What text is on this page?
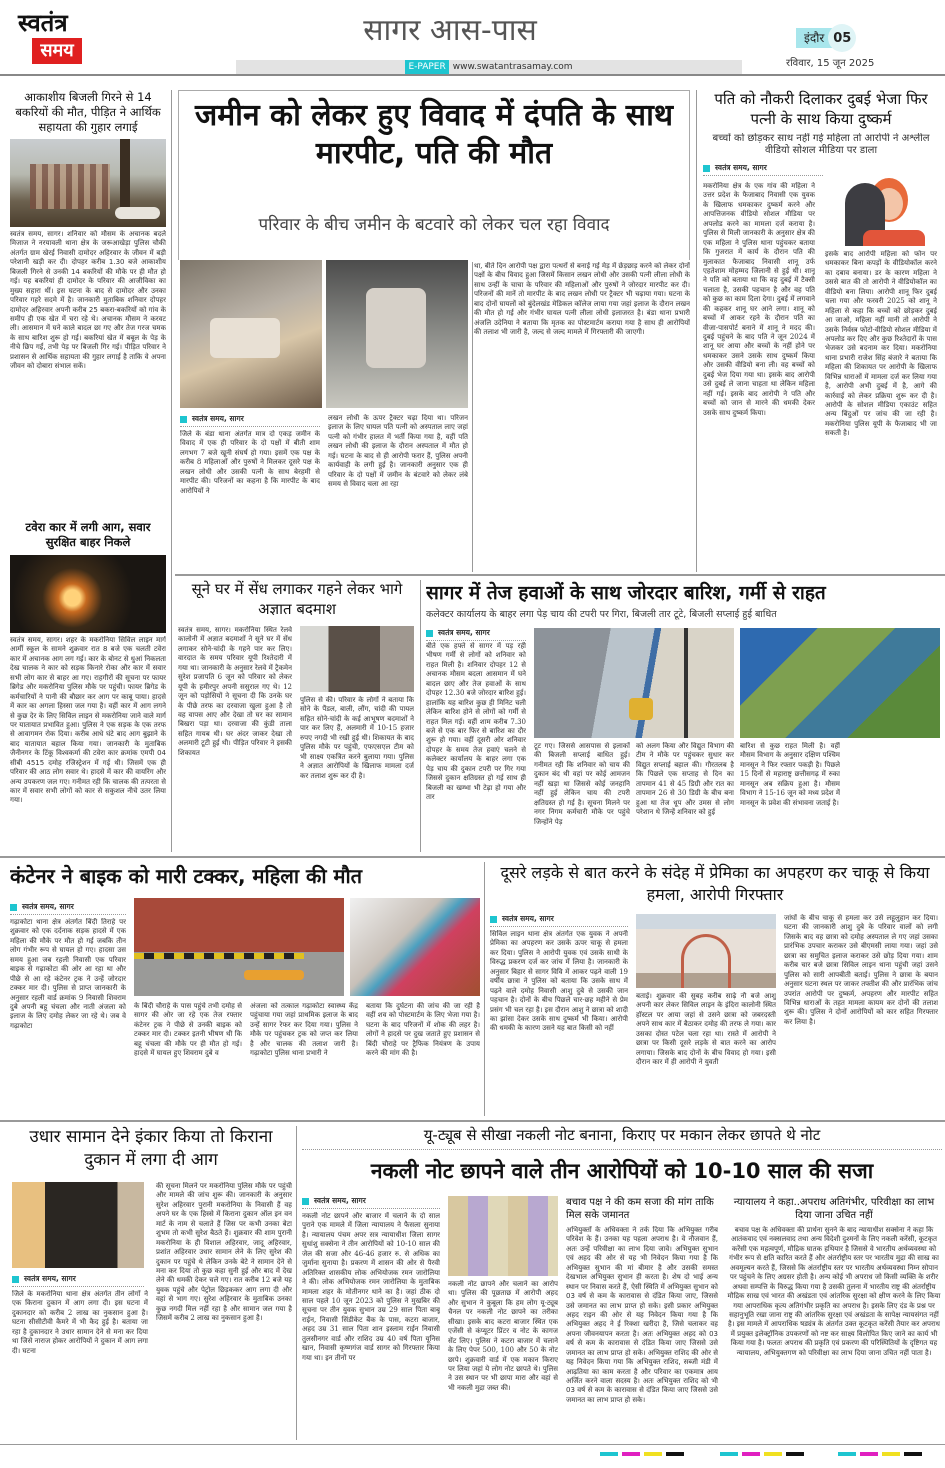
स्वतंत्र
समय
सागर आस-पास
E-PAPER www.swatantrasamay.com
इंदौर 05
रविवार, 15 जून 2025
आकाशीय बिजली गिरने से 14 बकरियों की मौत, पीड़ित ने आर्थिक सहायता की गुहार लगाई
स्वतंत्र समय, सागर। शनिवार को मौसम के अचानक बदले मिजाज ने नरयावली थाना क्षेत्र के जरूआखेड़ा पुलिस चौकी अंतर्गत ग्राम खेरई निवासी दामोदर अहिरवार के जीवन में बड़ी परेशानी खड़ी कर दी। दोपहर करीब 1.30 बजे आकाशीय बिजली गिरने से उनकी 14 बकरियों की मौके पर ही मौत हो गई। यह बकरियां ही दामोदर के परिवार की आजीविका का मुख्य सहारा थीं। इस घटना के बाद से दामोदर और उनका परिवार गहरे सदमे में है। जानकारी मुताबिक शनिवार दोपहर दामोदर अहिरवार अपनी करीब 25 बकरा-बकरियों को गांव के समीप ही एक खेत में चरा रहे थे। अचानक मौसम ने करवट ली। आसमान में घने काले बादल छा गए और तेज गरज चमक के साथ बारिश शुरू हो गई। बकरियां खेत में बबूल के पेड़ के नीचे छिप गईं, तभी पेड़ पर बिजली गिर गई। पीड़ित परिवार ने प्रशासन से आर्थिक सहायता की गुहार लगाई है ताकि वे अपना जीवन को दोबारा संभाल सकें।
टवेरा कार में लगी आग, सवार सुरक्षित बाहर निकले
स्वतंत्र समय, सागर। शहर के मकरोनिया सिविल लाइन मार्ग आर्मी स्कूल के सामने शुक्रवार रात 8 बजे एक चलती टवेरा कार में अचानक आग लग गई। कार के बोनट से धुआं निकलता देख चालक ने कार को सड़क किनारे रोका और कार में सवार सभी लोग कार से बाहर आ गए। राहगीरों की सूचना पर फायर ब्रिगेड और मकरोनिया पुलिस मौके पर पहुंची। फायर ब्रिगेड के कर्मचारियों ने पानी की बौछार कर आग पर काबू पाया। हादसे में कार का अगला हिस्सा जल गया है। वहीं कार में आग लगने से कुछ देर के लिए सिविल लाइन से मकरोनिया जाने वाले मार्ग पर यातायात प्रभावित हुआ। पुलिस ने एक सड़क के एक तरफ से आवागमन रोक दिया। करीब आधे घंटे बाद आग बुझाने के बाद यातायात बहाल किया गया। जानकारी के मुताबिक जैनीनगर के टिंकू विश्वकर्मा की टवेरा कार क्रमांक एमपी 04 सीबी 4515 दमोह रजिस्ट्रेशन में गई थी। जिसमें एक ही परिवार की आठ लोग सवार थे। हादसे में कार की वायरिंग और अन्य उपकरण जल गए। गनीमत रही कि चालक की तत्परता से कार में सवार सभी लोगों को कार से सकुशल नीचे उतर लिया गया।
स्वतंत्र समय, सागर
जिले के बंडा थाना अंतर्गत मात्र दो एकड़ जमीन के विवाद में एक ही परिवार के दो पक्षों में बीती शाम लगभग 7 बजे खूनी संघर्ष हो गया। इसमें एक पक्ष के करीब 8 महिलाओं और पुरुषों ने मिलकर दूसरे पक्ष के लखन लोधी और उसकी पत्नी के साथ बेरहमी से मारपीट की। परिजनों का कहना है कि मारपीट के बाद आरोपियों ने
लखन लोधी के ऊपर ट्रैक्टर चढ़ा दिया था। परिजन इलाज के लिए घायल पति पत्नी को अस्पताल लाए जहां पत्नी को गंभीर हालत में भर्ती किया गया है, वहीं पति लखन लोधी की इलाज के दौरान अस्पताल में मौत हो गई। घटना के बाद से ही आरोपी फरार हैं, पुलिस अपनी कार्यवाही के लगी हुई है। जानकारी अनुसार एक ही परिवार के दो पक्षों में जमीन के बंटवारे को लेकर लंबे समय से विवाद चला आ रहा
जमीन को लेकर हुए विवाद में दंपति के साथ मारपीट, पति की मौत
परिवार के बीच जमीन के बटवारे को लेकर चल रहा विवाद
था, बीते दिन आरोपी पक्ष द्वारा पत्थरों से बनाई गई मेड़ में छेड़छाड़ करने को लेकर दोनों पक्षों के बीच विवाद हुआ जिसमें किसान लखन लोधी और उसकी पत्नी लीला लोधी के साथ उन्हीं के चाचा के परिवार की महिलाओं और पुरुषों ने जोरदार मारपीट कर दी। परिजनों की मानें तो मारपीट के बाद लखन लोधी पर ट्रैक्टर भी चढ़ाया गया। घटना के बाद दोनों घायलों को बुंदेलखंड मेडिकल कॉलेज लाया गया जहां इलाज के दौरान लखन की मौत हो गई और गंभीर घायल पत्नी लीला लोधी इलाजरत है। बंडा थाना प्रभारी अंजलि उदेनिया ने बताया कि मृतक का पोस्टमार्टम कराया गया है साथ ही आरोपियों की तलाश भी जारी है, जल्द से जल्द मामले में गिरफ्तारी की जाएगी।
पति को नौकरी दिलाकर दुबई भेजा फिर पत्नी के साथ किया दुष्कर्म
बच्चों को छोड़कर साथ नहीं गई महिला तो आरोपी ने अश्लील वीडियो सोशल मीडिया पर डाला
स्वतंत्र समय, सागर
मकरोनिया क्षेत्र के एक गांव की महिला ने उत्तर प्रदेश के फैजाबाद निवासी एक युवक के खिलाफ धमकाकर दुष्कर्म करने और आपत्तिजनक वीडियो सोशल मीडिया पर अपलोड करने का मामला दर्ज कराया है। पुलिस से मिली जानकारी के अनुसार क्षेत्र की एक महिला ने पुलिस थाना पहुंचकर बताया कि गुजरात में कार्य के दौरान पति की मुलाकात फैजाबाद निवासी शानू उर्फ एहतेशाम मोहम्मद जिलानी से हुई थी। शानू ने पति को बताया था कि वह दुबई में टैक्सी चलाता है, उसकी पहचान है और वह पति को कुछ का काम दिला देगा। दुबई में लगवाने की कहकर शानू घर आने लगा। शानू को बच्चों में आकर रहने के दौरान पति का वीजा-पासपोर्ट बनाने में शानू ने मदद की। दुबई पहुंचने के बाद पति ने जून 2024 में शानू घर आया और बच्चों के नहीं होने पर धमकाकर उसने उसके साथ दुष्कर्म किया और उसकी वीडियो बना ली। वह बच्चों को दुबई भेज दिया गया था। इसके बाद आरोपी उसे दुबई ले जाना चाहता था लेकिन महिला नहीं गई। इसके बाद आरोपी ने पति और बच्चों को जान से मारने की धमकी देकर उसके साथ दुष्कर्म किया।
इसके बाद आरोपी महिला को फोन पर धमकाकर बिना कपड़ों के वीडियोकॉल करने का दबाव बनाया। डर के कारण महिला ने उससे बात की तो आरोपी ने वीडियोकॉल का वीडियो बना लिया। आरोपी शानू फिर दुबई चला गया और फरवरी 2025 को शानू ने महिला से कहा कि बच्चों को छोड़कर दुबई आ जाओ, महिला नहीं मानी तो आरोपी ने उसके निर्वस्त्र फोटो-वीडियो सोशल मीडिया में अपलोड कर दिए और कुछ रिश्तेदारों के पास भेजकर उसे बदनाम कर दिया। मकरोनिया थाना प्रभारी राजेश सिंह बंजारे ने बताया कि महिला की शिकायत पर आरोपी के खिलाफ विभिन्न धाराओं में मामला दर्ज कर लिया गया है, आरोपी अभी दुबई में है, आगे की कार्रवाई को लेकर प्रक्रिया शुरू कर दी है। आरोपी के सोशल मीडिया एकाउंट सहित अन्य बिंदुओं पर जांच की जा रही है। मकरोनिया पुलिस यूपी के फैजाबाद भी जा सकती है।
सूने घर में सेंध लगाकर गहने लेकर भागे अज्ञात बदमाश
स्वतंत्र समय, सागर। मकरोनिया स्थित रेलवे कालोनी में अज्ञात बदमाशों ने सूने घर में सेंध लगाकर सोने-चांदी के गहने पार कर लिए। वारदात के समय परिवार यूपी रिश्तेदारी में गया था। जानकारी के अनुसार रेलवे में ट्रैकमेन सुरेश प्रजापति 6 जून को परिवार को लेकर यूपी के हमीरपुर अपनी ससुराल गए थे। 12 जून को पड़ोसियों ने सूचना दी कि उनके घर के पीछे तरफ का दरवाजा खुला हुआ है तो वह वापस आए और देखा तो घर का सामान बिखरा पड़ा था। दरवाजा की कुंडी ताला सहित गायब थी। घर अंदर जाकर देखा तो अलमारी टूटी हुई थी। पीड़ित परिवार ने इसकी शिकायत
पुलिस से की। परिवार के लोगों ने बताया कि सोने के पैंडल, बाली, लौंग, चांदी की पायल सहित सोने-चांदी के कई आभूषण बदमाशों ने पार कर लिए हैं, अलमारी में 10-15 हजार रुपए नगदी भी रखी हुई थी। शिकायत के बाद पुलिस मौके पर पहुंची, एफएसएल टीम को भी साक्ष्य एकत्रित करने बुलाया गया। पुलिस ने अज्ञात आरोपियों के खिलाफ मामला दर्ज कर तलाश शुरू कर दी है।
सागर में तेज हवाओं के साथ जोरदार बारिश, गर्मी से राहत
कलेक्टर कार्यालय के बाहर लगा पेड़ चाय की टपरी पर गिरा, बिजली तार टूटे, बिजली सप्लाई हुई बाधित
स्वतंत्र समय, सागर
बीते एक हफ्ते से सागर में पड़ रही भीषण गर्मी से लोगों को शनिवार को राहत मिली है। शनिवार दोपहर 12 से अचानक मौसम बदला आसमान में घने बादल छाए और तेज हवाओं के साथ दोपहर 12.30 बजे जोरदार बारिश हुई। हालांकि यह बारिश कुछ ही मिनिट चली लेकिन बारिश होने से लोगों को गर्मी से राहत मिल गई। वहीं शाम करीब 7.30 बजे से एक बार फिर से बारिश का दौर शुरू हो गया। वहीं दूसरी ओर शनिवार दोपहर के समय तेज हवाएं चलने से कलेक्टर कार्यालय के बाहर लगा एक पेड़ चाय की दुकान टपरी पर गिर गया जिससे दुकान क्षतिग्रस्त हो गई साथ ही बिजली का खम्भा भी टेढ़ा हो गया और तार
टूट गए। जिससे आसपास से इलाकों की बिजली सप्लाई बाधित हुई। गनीमत रही कि शनिवार को चाय की दुकान बंद थी वहां पर कोई आमजन नहीं खड़ा था जिससे कोई जनहानि नहीं हुई लेकिन चाय की टपरी क्षतिग्रस्त हो गई है। सूचना मिलने पर नगर निगम कर्मचारी मौके पर पहुंचे जिन्होंने पेड़
को अलग किया और विद्युत विभाग की टीम ने मौके पर पहुंचकर सुधार कर विद्युत सप्लाई बहाल की। गौरतलब है कि पिछले एक सप्ताह से दिन का तापमान 41 से 45 डिग्री और रात का तापमान 26 से 30 डिग्री के बीच बना हुआ था तेज धूप और उमस से लोग परेशान थे जिन्हें शनिवार को हुई
बारिश से कुछ राहत मिली है। वहीं मौसम विभाग के अनुसार दक्षिण पश्चिम मानसून ने फिर रफ्तार पकड़ी है। पिछले 15 दिनों से महाराष्ट्र छत्तीसगढ़ में रुका मानसून अब सक्रिय हुआ है। मौसम विभाग ने 15-16 जून को मध्य प्रदेश में मानसून के प्रवेश की संभावना जताई है।
कंटेनर ने बाइक को मारी टक्कर, महिला की मौत
स्वतंत्र समय, सागर
गढ़ाकोटा थाना क्षेत्र अंतर्गत बिंदी तिराहे पर शुक्रवार को एक दर्दनाक सड़क हादसे में एक महिला की मौके पर मौत हो गई जबकि तीन लोग गंभीर रूप से घायल हो गए। हादसा उस समय हुआ जब रहली निवासी एक परिवार बाइक से गढ़ाकोटा की ओर आ रहा था और पीछे से आ रहे कंटेनर ट्रक ने उन्हें जोरदार टक्कर मार दी। पुलिस से प्राप्त जानकारी के अनुसार रहली वार्ड क्रमांक 9 निवासी शिवराम दुबे अपनी बहू चंचला और नाती अंजला को इलाज के लिए दमोह लेकर जा रहे थे। जब वे गढ़ाकोटा
के बिंदी चौराहे के पास पहुंचे तभी दमोह से सागर की ओर जा रहे एक तेज रफ्तार कंटेनर ट्रक ने पीछे से उनकी बाइक को टक्कर मार दी। टक्कर इतनी भीषण थी कि बहू चंचला की मौके पर ही मौत हो गई। हादसे में घायल हुए शिवराम दुबे व
अंजला को तत्काल गढ़ाकोटा स्वास्थ्य केंद्र पहुंचाया गया जहां प्राथमिक इलाज के बाद उन्हें सागर रेफर कर दिया गया। पुलिस ने मौके पर पहुंचकर ट्रक को जप्त कर लिया है और चालक की तलाश जारी है। गढ़ाकोटा पुलिस थाना प्रभारी ने
बताया कि दुर्घटना की जांच की जा रही है वहीं शव को पोस्टमार्टम के लिए भेजा गया है। घटना के बाद परिजनों में शोक की लहर है। लोगों ने हादसे पर दुख जताते हुए प्रशासन से बिंदी चौराहे पर ट्रैफिक नियंत्रण के उपाय करने की मांग की है।
दूसरे लड़के से बात करने के संदेह में प्रेमिका का अपहरण कर चाकू से किया हमला, आरोपी गिरफ्तार
स्वतंत्र समय, सागर
सिविल लाइन थाना क्षेत्र अंतर्गत एक युवक ने अपनी प्रेमिका का अपहरण कर उसके ऊपर चाकू से हमला कर दिया। पुलिस ने आरोपी युवक एवं उसके साथी के विरुद्ध प्रकरण दर्ज कर जांच में लिया है। जानकारी के अनुसार बिहार से सागर विवि में आकर पढ़ने वाली 19 वर्षीय छात्रा ने पुलिस को बताया कि उसके साथ में पढ़ने वाले दमोह निवासी आशु दुबे से उसकी जान पहचान है। दोनों के बीच पिछले चार-छह महीने से प्रेम प्रसंग भी चल रहा है। इस दौरान आशु ने छात्रा को शादी का झांसा देकर उसके साथ दुष्कर्म भी किया। आरोपी की धमकी के कारण उसने यह बात किसी को नहीं
बताई। शुक्रवार की सुबह करीब साढ़े नौ बजे आशु अपनी कार लेकर सिविल लाइन के इंदिरा कालोनी स्थित हॉस्टल पर आया जहां से उसने छात्रा को जबरदस्ती अपने साथ कार में बैठाकर दमोह की तरफ ले गया। कार उसका दोस्त पटेल चला रहा था। रास्ते में आरोपी ने छात्रा पर किसी दूसरे लड़के से बात करने का आरोप लगाया। जिसके बाद दोनों के बीच विवाद हो गया। इसी दौरान कार में ही आरोपी ने युवती
जांघों के बीच चाकू से हमला कर उसे लहूलुहान कर दिया। घटना की जानकारी आशु दुबे के परिवार वालों को लगी जिसके बाद वह छात्रा को दमोह अस्पताल ले गए जहां उसका प्रारंभिक उपचार कराकर उसे बीएमसी लाया गया। जहां उसे छात्रा का समुचित इलाज कराकर उसे छोड़ दिया गया। शाम करीब चार बजे छात्रा सिविल लाइन थाना पहुंची जहां उसने पुलिस को सारी आपबीती बताई। पुलिस ने छात्रा के बयान अनुसार घटना स्थल पर जाकर तफ्तीश की और प्रारंभिक जांच उपरांत आरोपी पर दुष्कर्म, अपहरण और मारपीट सहित विभिन्न धाराओं के तहत मामला कायम कर दोनों की तलाश शुरू की। पुलिस ने दोनों आरोपियों को कार सहित गिरफ्तार कर लिया है।
उधार सामान देने इंकार किया तो किराना दुकान में लगा दी आग
स्वतंत्र समय, सागर
जिले के मकरोनिया थाना क्षेत्र अंतर्गत तीन लोगों ने एक किराना दुकान में आग लगा दी। इस घटना में दुकानदार को करीब 2 लाख का नुकसान हुआ है। घटना सीसीटीवी कैमरे में भी कैद हुई है। बताया जा रहा है दुकानदार ने उधार सामान देने से मना कर दिया था जिसे नाराज होकर आरोपियों ने दुकान में आग लगा दी। घटना
की सूचना मिलने पर मकरोनिया पुलिस मौके पर पहुंची और मामले की जांच शुरू की। जानकारी के अनुसार सुरेश अहिरवार पुरानी मकरोनिया के निवासी हैं वह अपने घर के एक हिस्से में किराना दुकान ऑल इन वन मार्ट के नाम से चलाते हैं जिस पर कभी उनका बेटा शुभम तो कभी सुरेश बैठते हैं। शुक्रवार की शाम पुरानी मकरोनिया के ही विशाल अहिरवार, जादू अहिरवार, प्रशांत अहिरवार उधार सामान लेने के लिए सुरेश की दुकान पर पहुंचे थे लेकिन उनके बेटे ने सामान देने से मना कर दिया तो कुछ कहा सुनी हुई और बाद में देख लेने की धमकी देकर चले गए। रात करीब 12 बजे यह युवक पहुंचे और पेट्रोल छिड़ककर आग लगा दी और वहां से भाग गए। सुरेश अहिरवार के मुताबिक उनका कुछ नगदी मिल नहीं रहा है और सामान जल गया है जिसमें करीब 2 लाख का नुकसान हुआ है।
यू-ट्यूब से सीखा नकली नोट बनाना, किराए पर मकान लेकर छापते थे नोट
नकली नोट छापने वाले तीन आरोपियों को 10-10 साल की सजा
स्वतंत्र समय, सागर
नकली नोट छापने और बाजार में चलाने के दो साल पुराने एक मामले में जिला न्यायालय ने फैसला सुनाया है। न्यायालय पंचम अपर सत्र न्यायाधीश जिला सागर सुधांशु सक्सेना ने तीन आरोपियों को 10-10 साल की जेल की सजा और 46-46 हजार रु. से अधिक का जुर्माना सुनाया है। प्रकरण में शासन की ओर से पैरवी अतिरिक्त शासकीय लोक अभियोजक रमन जारोलिया ने की। लोक अभियोजक रमन जारोलिया के मुताबिक मामला शहर के मोतीनगर थाने का है। जहां ठीक दो साल पहले 10 जून 2023 को पुलिस ने मुखबिर की सूचना पर तीन युवक सुभान उम्र 29 साल पिता बाबू राईन, निवासी सिंडीकेट बैंक के पास, कटरा बाजार, अहद उम्र 31 साल पिता शान इस्लाम राईन निवासी तुलसीनगर वार्ड और राशिद उम्र 40 वर्ष पिता यूनिस खान, निवासी कृष्णगंज वार्ड सागर को गिरफ्तार किया गया था। इन तीनों पर
नकली नोट छापने और चलाने का आरोप था। पुलिस की पूछताछ में आरोपी अहद और सुभान ने कुबूला कि हम लोग यू-ट्यूब चैनल पर नकली नोट छापने का तरीका सीखा। इसके बाद कटरा बाजार स्थित एक एजेंसी से कंप्यूटर प्रिंटर व नोट के कागज सेंट लिए। पुलिस ने कटरा बाजार में चलाने के लिए पेपर 500, 100 और 50 के नोट छापे। शुक्रवारी वार्ड में एक मकान किराए पर लिया जहां ये लोग नोट छापते थे। पुलिस ने उस स्थान पर भी छापा मारा और वहां से भी नकली मुद्रा जब्त की।
बचाव पक्ष ने की कम सजा की मांग ताकि मिल सके जमानत
अभियुक्तों के अधिवक्ता ने तर्क दिया कि अभियुक्त गरीब परिवेश के हैं। उनका यह पहला अपराध है। वे नौजवान हैं, अतः उन्हें परिवीक्षा का लाभ दिया जावे। अभियुक्त सुभान एवं अहद की ओर से यह भी निवेदन किया गया है कि अभियुक्त सुभान की मां बीमार है और उसकी समस्त देखभाल अभियुक्त सुभान ही करता है। शेष दो भाई अन्य स्थान पर निवास करते हैं, ऐसी स्थिति में अभियुक्त सुभान को 03 वर्ष से कम के कारावास से दंडित किया जाए, जिससे उसे जमानत का लाभ प्राप्त हो सके। इसी प्रकार अभियुक्त अहद राइन की ओर से यह निवेदन किया गया है कि अभियुक्त अहद ने ई रिक्शा खरीदा है, जिसे चलाकर वह अपना जीवनयापन करता है। अतः अभियुक्त अहद को 03 वर्ष से कम के कारावास से दंडित किया जाए जिससे उसे जमानत का लाभ प्राप्त हो सके। अभियुक्त राशिद की ओर से यह निवेदन किया गया कि अभियुक्त राशिद, सब्जी मंडी में आढ़तिया का काम करता है और परिवार का एकमात्र आय अर्जित करने वाला सदस्य है। अतः अभियुक्त राशिद को भी 03 वर्ष से कम के कारावास से दंडित किया जाए जिससे उसे जमानत का लाभ प्राप्त हो सके।
न्यायालय ने कहा..अपराध अतिगंभीर, परिवीक्षा का लाभ दिया जाना उचित नहीं
बचाव पक्ष के अधिवक्ता की प्रार्थना सुनने के बाद न्यायाधीश सक्सेना ने कहा कि आतंकवाद एवं नक्सलवाद तथा अन्य विदेशी दुश्मनों के लिए नकली करेंसी, कूटकृत करेंसी एक महत्वपूर्ण, मौद्रिक घातक हथियार है जिससे वे भारतीय अर्थव्यवस्था को गंभीर रूप से क्षति कारित करते हैं और अंतर्राष्ट्रीय स्तर पर भारतीय मुद्रा की साख का अवमूल्यन करते हैं, जिससे कि अंतर्राष्ट्रीय स्तर पर भारतीय अर्थव्यवस्था निम्न सोपान पर पहुंचने के लिए अग्रसर होती है। अन्य कोई भी अपराध जो किसी व्यक्ति के शरीर अथवा सम्पत्ति के विरुद्ध किया गया है उसकी तुलना में भारतीय राष्ट्र की अंतर्राष्ट्रीय मौद्रिक साख एवं भारत की अखंडता एवं आंतरिक सुरक्षा को क्षीण करने के लिए किया गया आपराधिक कृत्य अतिगंभीर प्रकृति का अपराध है। इसके लिए दंड के प्रश्न पर सहानुभूति रखा जाना राष्ट्र की आंतरिक सुरक्षा एवं अखंडता के सापेक्ष न्यायसंगत नहीं है। इस मामले में आपराधिक षड्यंत्र के अंतर्गत उक्त कूटकृत करेंसी तैयार कर अपराध में प्रयुक्त इलेक्ट्रॉनिक उपकरणों को नष्ट कर साक्ष्य विलोपित किए जाने का कार्य भी किया गया है। फलतः अपराध की प्रकृति एवं प्रकरण की परिस्थितियों के दृष्टिगत यह न्यायालय, अभियुक्तगण को परिवीक्षा का लाभ दिया जाना उचित नहीं पाता है।
